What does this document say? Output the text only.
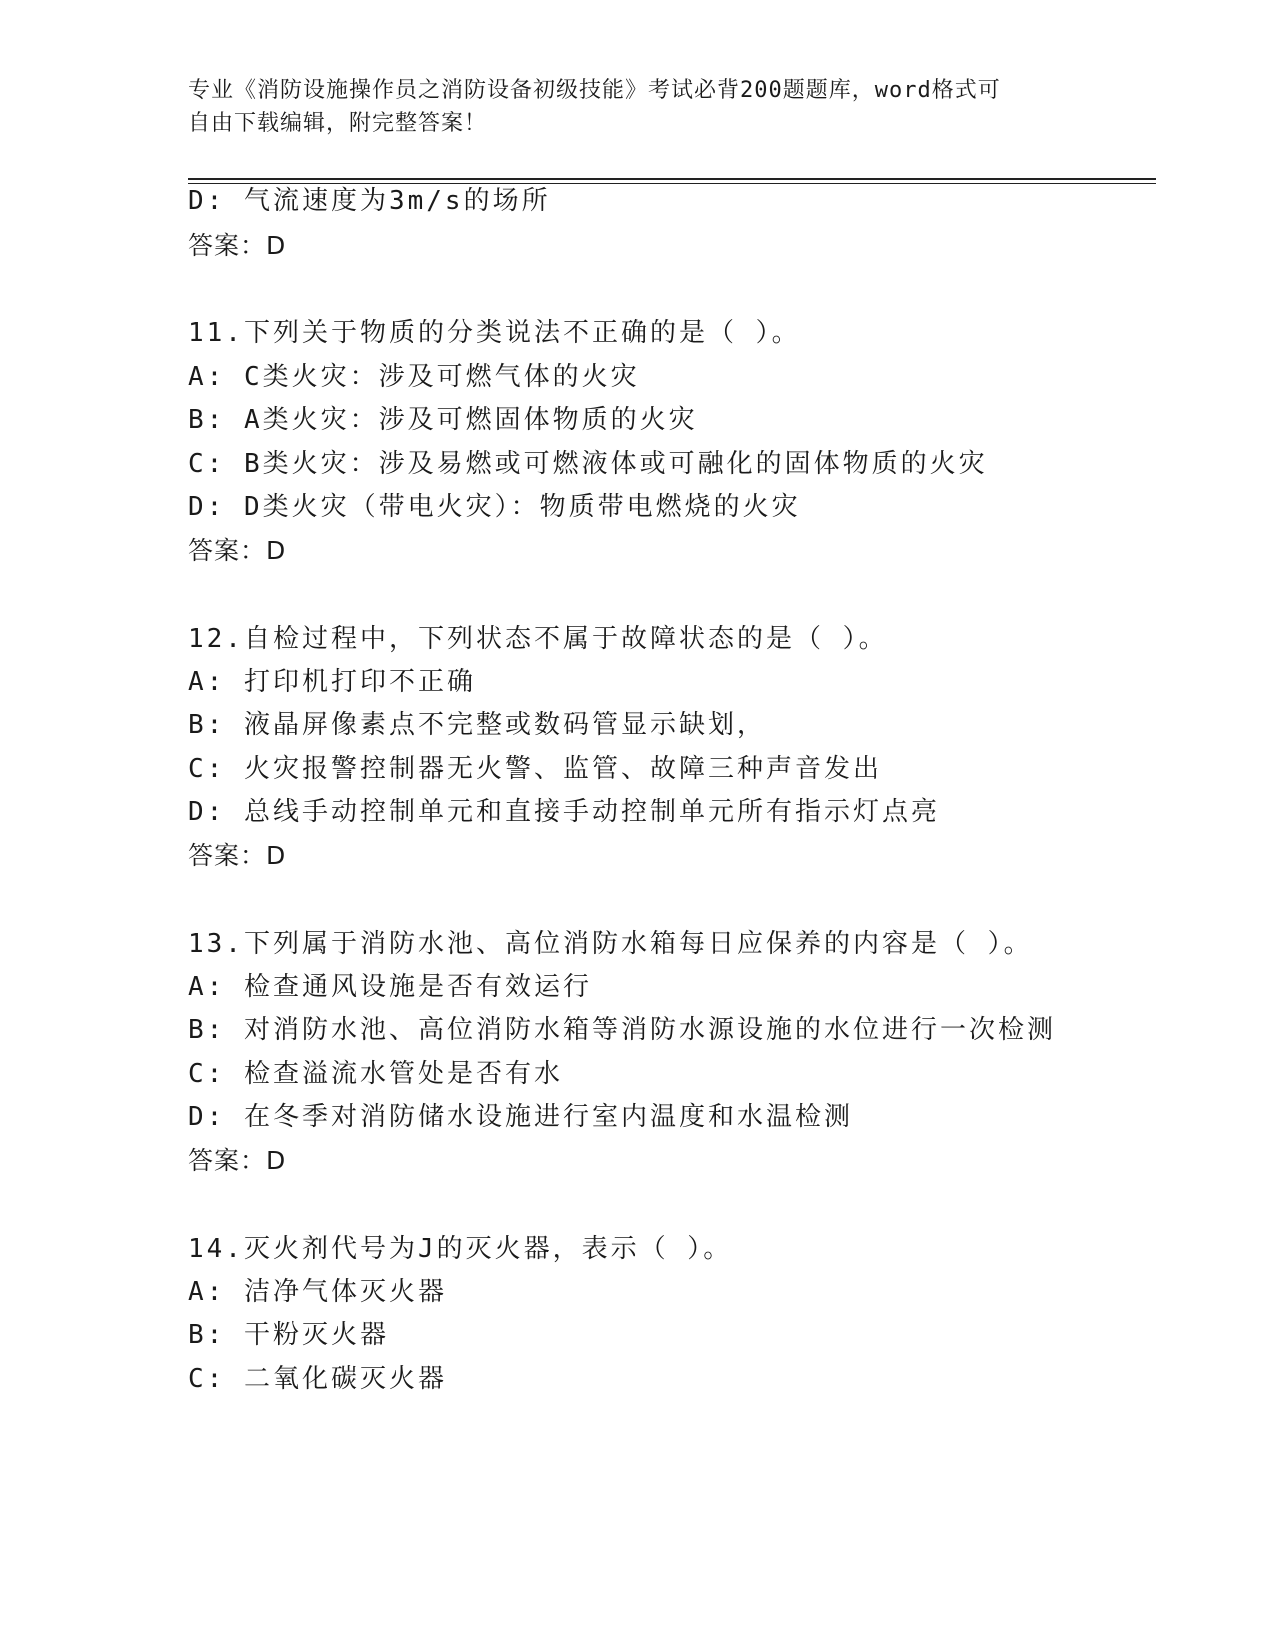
专业《消防设施操作员之消防设备初级技能》考试必背200题题库，word格式可
自由下载编辑，附完整答案！
D: 气流速度为3m/s的场所
答案：D
11.下列关于物质的分类说法不正确的是（ ）。
A: C类火灾：涉及可燃气体的火灾
B: A类火灾：涉及可燃固体物质的火灾
C: B类火灾：涉及易燃或可燃液体或可融化的固体物质的火灾
D: D类火灾（带电火灾）：物质带电燃烧的火灾
答案：D
12.自检过程中，下列状态不属于故障状态的是（ ）。
A: 打印机打印不正确
B: 液晶屏像素点不完整或数码管显示缺划，
C: 火灾报警控制器无火警、监管、故障三种声音发出
D: 总线手动控制单元和直接手动控制单元所有指示灯点亮
答案：D
13.下列属于消防水池、高位消防水箱每日应保养的内容是（ ）。
A: 检查通风设施是否有效运行
B: 对消防水池、高位消防水箱等消防水源设施的水位进行一次检测
C: 检查溢流水管处是否有水
D: 在冬季对消防储水设施进行室内温度和水温检测
答案：D
14.灭火剂代号为J的灭火器，表示（ ）。
A: 洁净气体灭火器
B: 干粉灭火器
C: 二氧化碳灭火器
